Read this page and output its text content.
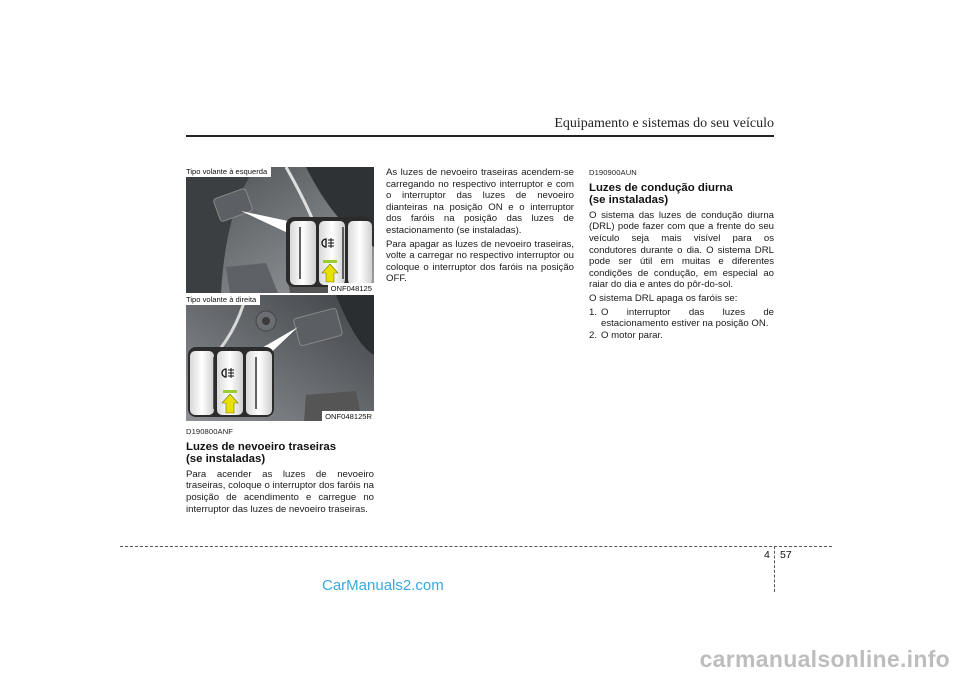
Equipamento e sistemas do seu veículo
Tipo volante à esquerda
ONF048125
Tipo volante à direita
ONF048125R
D190800ANF
Luzes de nevoeiro traseiras
(se instaladas)

Para acender as luzes de nevoeiro traseiras, coloque o interruptor dos faróis na posição de acendimento e carregue no interruptor das luzes de nevoeiro traseiras.

As luzes de nevoeiro traseiras acendem-se carregando no respectivo interruptor e com o interruptor das luzes de nevoeiro dianteiras na posição ON e o interruptor dos faróis na posição das luzes de estacionamento (se instaladas).

Para apagar as luzes de nevoeiro traseiras, volte a carregar no respectivo interruptor ou coloque o interruptor dos faróis na posição OFF.

D190900AUN
Luzes de condução diurna
(se instaladas)

O sistema das luzes de condução diurna (DRL) pode fazer com que a frente do seu veículo seja mais visível para os condutores durante o dia. O sistema DRL pode ser útil em muitas e diferentes condições de condução, em especial ao raiar do dia e antes do pôr-do-sol.

O sistema DRL apaga os faróis se:

1. O interruptor das luzes de estacionamento estiver na posição ON.
2. O motor parar.
4 57
CarManuals2.com
carmanualsonline.info
